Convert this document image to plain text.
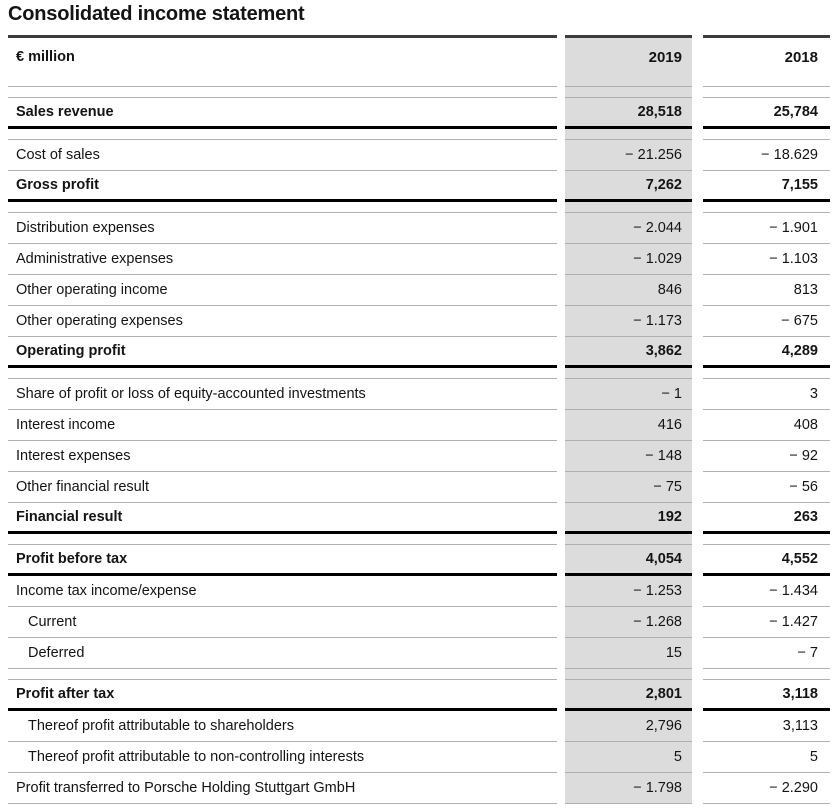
Consolidated income statement
€ million	2019	2018
Sales revenue	28,518	25,784
Cost of sales	− 21.256	− 18.629
Gross profit	7,262	7,155
Distribution expenses	− 2.044	− 1.901
Administrative expenses	− 1.029	− 1.103
Other operating income	846	813
Other operating expenses	− 1.173	− 675
Operating profit	3,862	4,289
Share of profit or loss of equity-accounted investments	− 1	3
Interest income	416	408
Interest expenses	− 148	− 92
Other financial result	− 75	− 56
Financial result	192	263
Profit before tax	4,054	4,552
Income tax income/expense	− 1.253	− 1.434
Current	− 1.268	− 1.427
Deferred	15	− 7
Profit after tax	2,801	3,118
Thereof profit attributable to shareholders	2,796	3,113
Thereof profit attributable to non-controlling interests	5	5
Profit transferred to Porsche Holding Stuttgart GmbH	− 1.798	− 2.290
